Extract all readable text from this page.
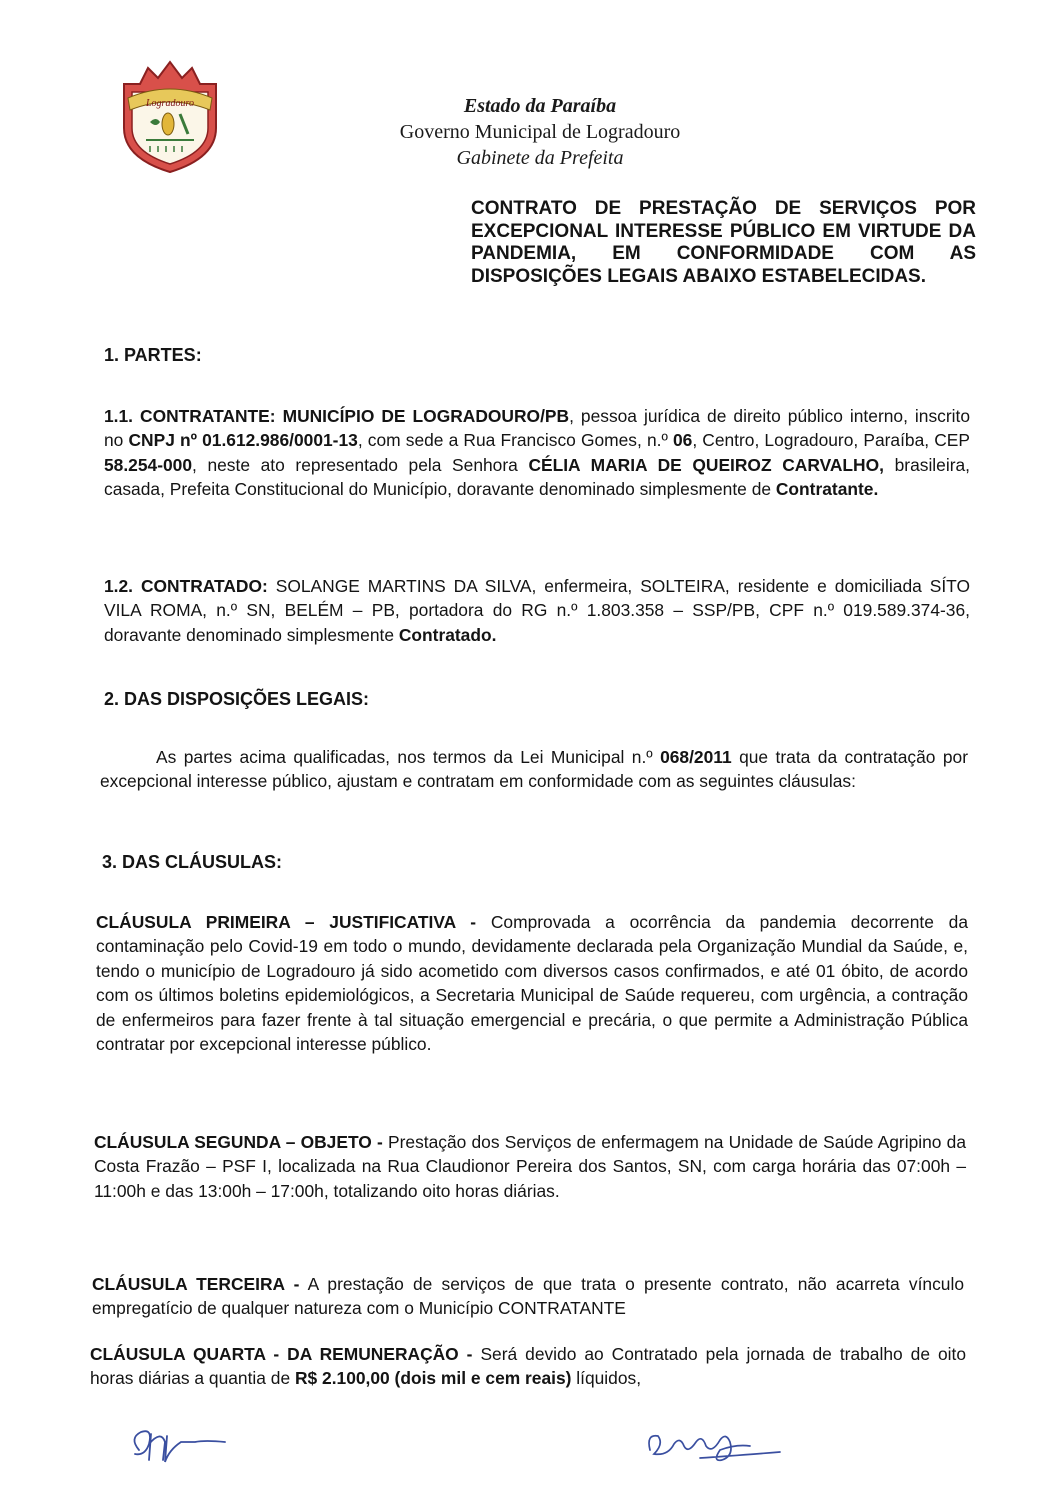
Logradouro	Estado da Paraíba
Governo Municipal de Logradouro
Gabinete da Prefeita
CONTRATO DE PRESTAÇÃO DE SERVIÇOS POR EXCEPCIONAL INTERESSE PÚBLICO EM VIRTUDE DA PANDEMIA, EM CONFORMIDADE COM AS DISPOSIÇÕES LEGAIS ABAIXO ESTABELECIDAS.
1. PARTES:
1.1. CONTRATANTE: MUNICÍPIO DE LOGRADOURO/PB, pessoa jurídica de direito público interno, inscrito no CNPJ nº 01.612.986/0001-13, com sede a Rua Francisco Gomes, n.º 06, Centro, Logradouro, Paraíba, CEP 58.254-000, neste ato representado pela Senhora CÉLIA MARIA DE QUEIROZ CARVALHO, brasileira, casada, Prefeita Constitucional do Município, doravante denominado simplesmente de Contratante.
1.2. CONTRATADO: SOLANGE MARTINS DA SILVA, enfermeira, SOLTEIRA, residente e domiciliada SÍTO VILA ROMA, n.º SN, BELÉM – PB, portadora do RG n.º 1.803.358 – SSP/PB, CPF n.º 019.589.374-36, doravante denominado simplesmente Contratado.
2. DAS DISPOSIÇÕES LEGAIS:
As partes acima qualificadas, nos termos da Lei Municipal n.º 068/2011 que trata da contratação por excepcional interesse público, ajustam e contratam em conformidade com as seguintes cláusulas:
3. DAS CLÁUSULAS:
CLÁUSULA PRIMEIRA – JUSTIFICATIVA - Comprovada a ocorrência da pandemia decorrente da contaminação pelo Covid-19 em todo o mundo, devidamente declarada pela Organização Mundial da Saúde, e, tendo o município de Logradouro já sido acometido com diversos casos confirmados, e até 01 óbito, de acordo com os últimos boletins epidemiológicos, a Secretaria Municipal de Saúde requereu, com urgência, a contração de enfermeiros para fazer frente à tal situação emergencial e precária, o que permite a Administração Pública contratar por excepcional interesse público.
CLÁUSULA SEGUNDA – OBJETO - Prestação dos Serviços de enfermagem na Unidade de Saúde Agripino da Costa Frazão – PSF I, localizada na Rua Claudionor Pereira dos Santos, SN, com carga horária das 07:00h – 11:00h e das 13:00h – 17:00h, totalizando oito horas diárias.
CLÁUSULA TERCEIRA - A prestação de serviços de que trata o presente contrato, não acarreta vínculo empregatício de qualquer natureza com o Município CONTRATANTE
CLÁUSULA QUARTA - DA REMUNERAÇÃO - Será devido ao Contratado pela jornada de trabalho de oito horas diárias a quantia de R$ 2.100,00 (dois mil e cem reais) líquidos,
